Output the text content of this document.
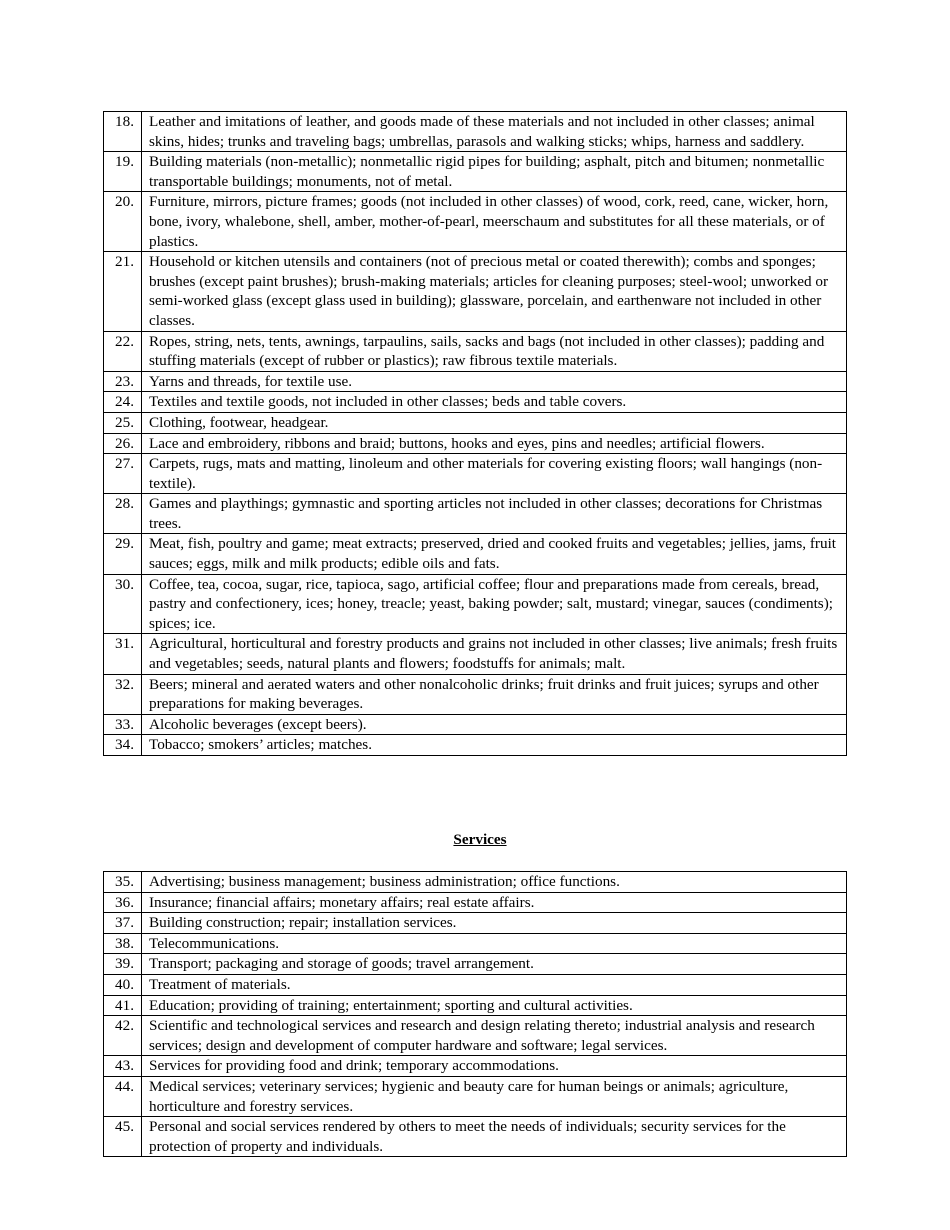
18.	Leather and imitations of leather, and goods made of these materials and not included in other classes; animal skins, hides; trunks and traveling bags; umbrellas, parasols and walking sticks; whips, harness and saddlery.
19.	Building materials (non-metallic); nonmetallic rigid pipes for building; asphalt, pitch and bitumen; nonmetallic transportable buildings; monuments, not of metal.
20.	Furniture, mirrors, picture frames; goods (not included in other classes) of wood, cork, reed, cane, wicker, horn, bone, ivory, whalebone, shell, amber, mother-of-pearl, meerschaum and substitutes for all these materials, or of plastics.
21.	Household or kitchen utensils and containers (not of precious metal or coated therewith); combs and sponges; brushes (except paint brushes); brush-making materials; articles for cleaning purposes; steel-wool; unworked or semi-worked glass (except glass used in building); glassware, porcelain, and earthenware not included in other classes.
22.	Ropes, string, nets, tents, awnings, tarpaulins, sails, sacks and bags (not included in other classes); padding and stuffing materials (except of rubber or plastics); raw fibrous textile materials.
23.	Yarns and threads, for textile use.
24.	Textiles and textile goods, not included in other classes; beds and table covers.
25.	Clothing, footwear, headgear.
26.	Lace and embroidery, ribbons and braid; buttons, hooks and eyes, pins and needles; artificial flowers.
27.	Carpets, rugs, mats and matting, linoleum and other materials for covering existing floors; wall hangings (non-textile).
28.	Games and playthings; gymnastic and sporting articles not included in other classes; decorations for Christmas trees.
29.	Meat, fish, poultry and game; meat extracts; preserved, dried and cooked fruits and vegetables; jellies, jams, fruit sauces; eggs, milk and milk products; edible oils and fats.
30.	Coffee, tea, cocoa, sugar, rice, tapioca, sago, artificial coffee; flour and preparations made from cereals, bread, pastry and confectionery, ices; honey, treacle; yeast, baking powder; salt, mustard; vinegar, sauces (condiments); spices; ice.
31.	Agricultural, horticultural and forestry products and grains not included in other classes; live animals; fresh fruits and vegetables; seeds, natural plants and flowers; foodstuffs for animals; malt.
32.	Beers; mineral and aerated waters and other nonalcoholic drinks; fruit drinks and fruit juices; syrups and other preparations for making beverages.
33.	Alcoholic beverages (except beers).
34.	Tobacco; smokers’ articles; matches.
Services
35.	Advertising; business management; business administration; office functions.
36.	Insurance; financial affairs; monetary affairs; real estate affairs.
37.	Building construction; repair; installation services.
38.	Telecommunications.
39.	Transport; packaging and storage of goods; travel arrangement.
40.	Treatment of materials.
41.	Education; providing of training; entertainment; sporting and cultural activities.
42.	Scientific and technological services and research and design relating thereto; industrial analysis and research services; design and development of computer hardware and software; legal services.
43.	Services for providing food and drink; temporary accommodations.
44.	Medical services; veterinary services; hygienic and beauty care for human beings or animals; agriculture, horticulture and forestry services.
45.	Personal and social services rendered by others to meet the needs of individuals; security services for the protection of property and individuals.
